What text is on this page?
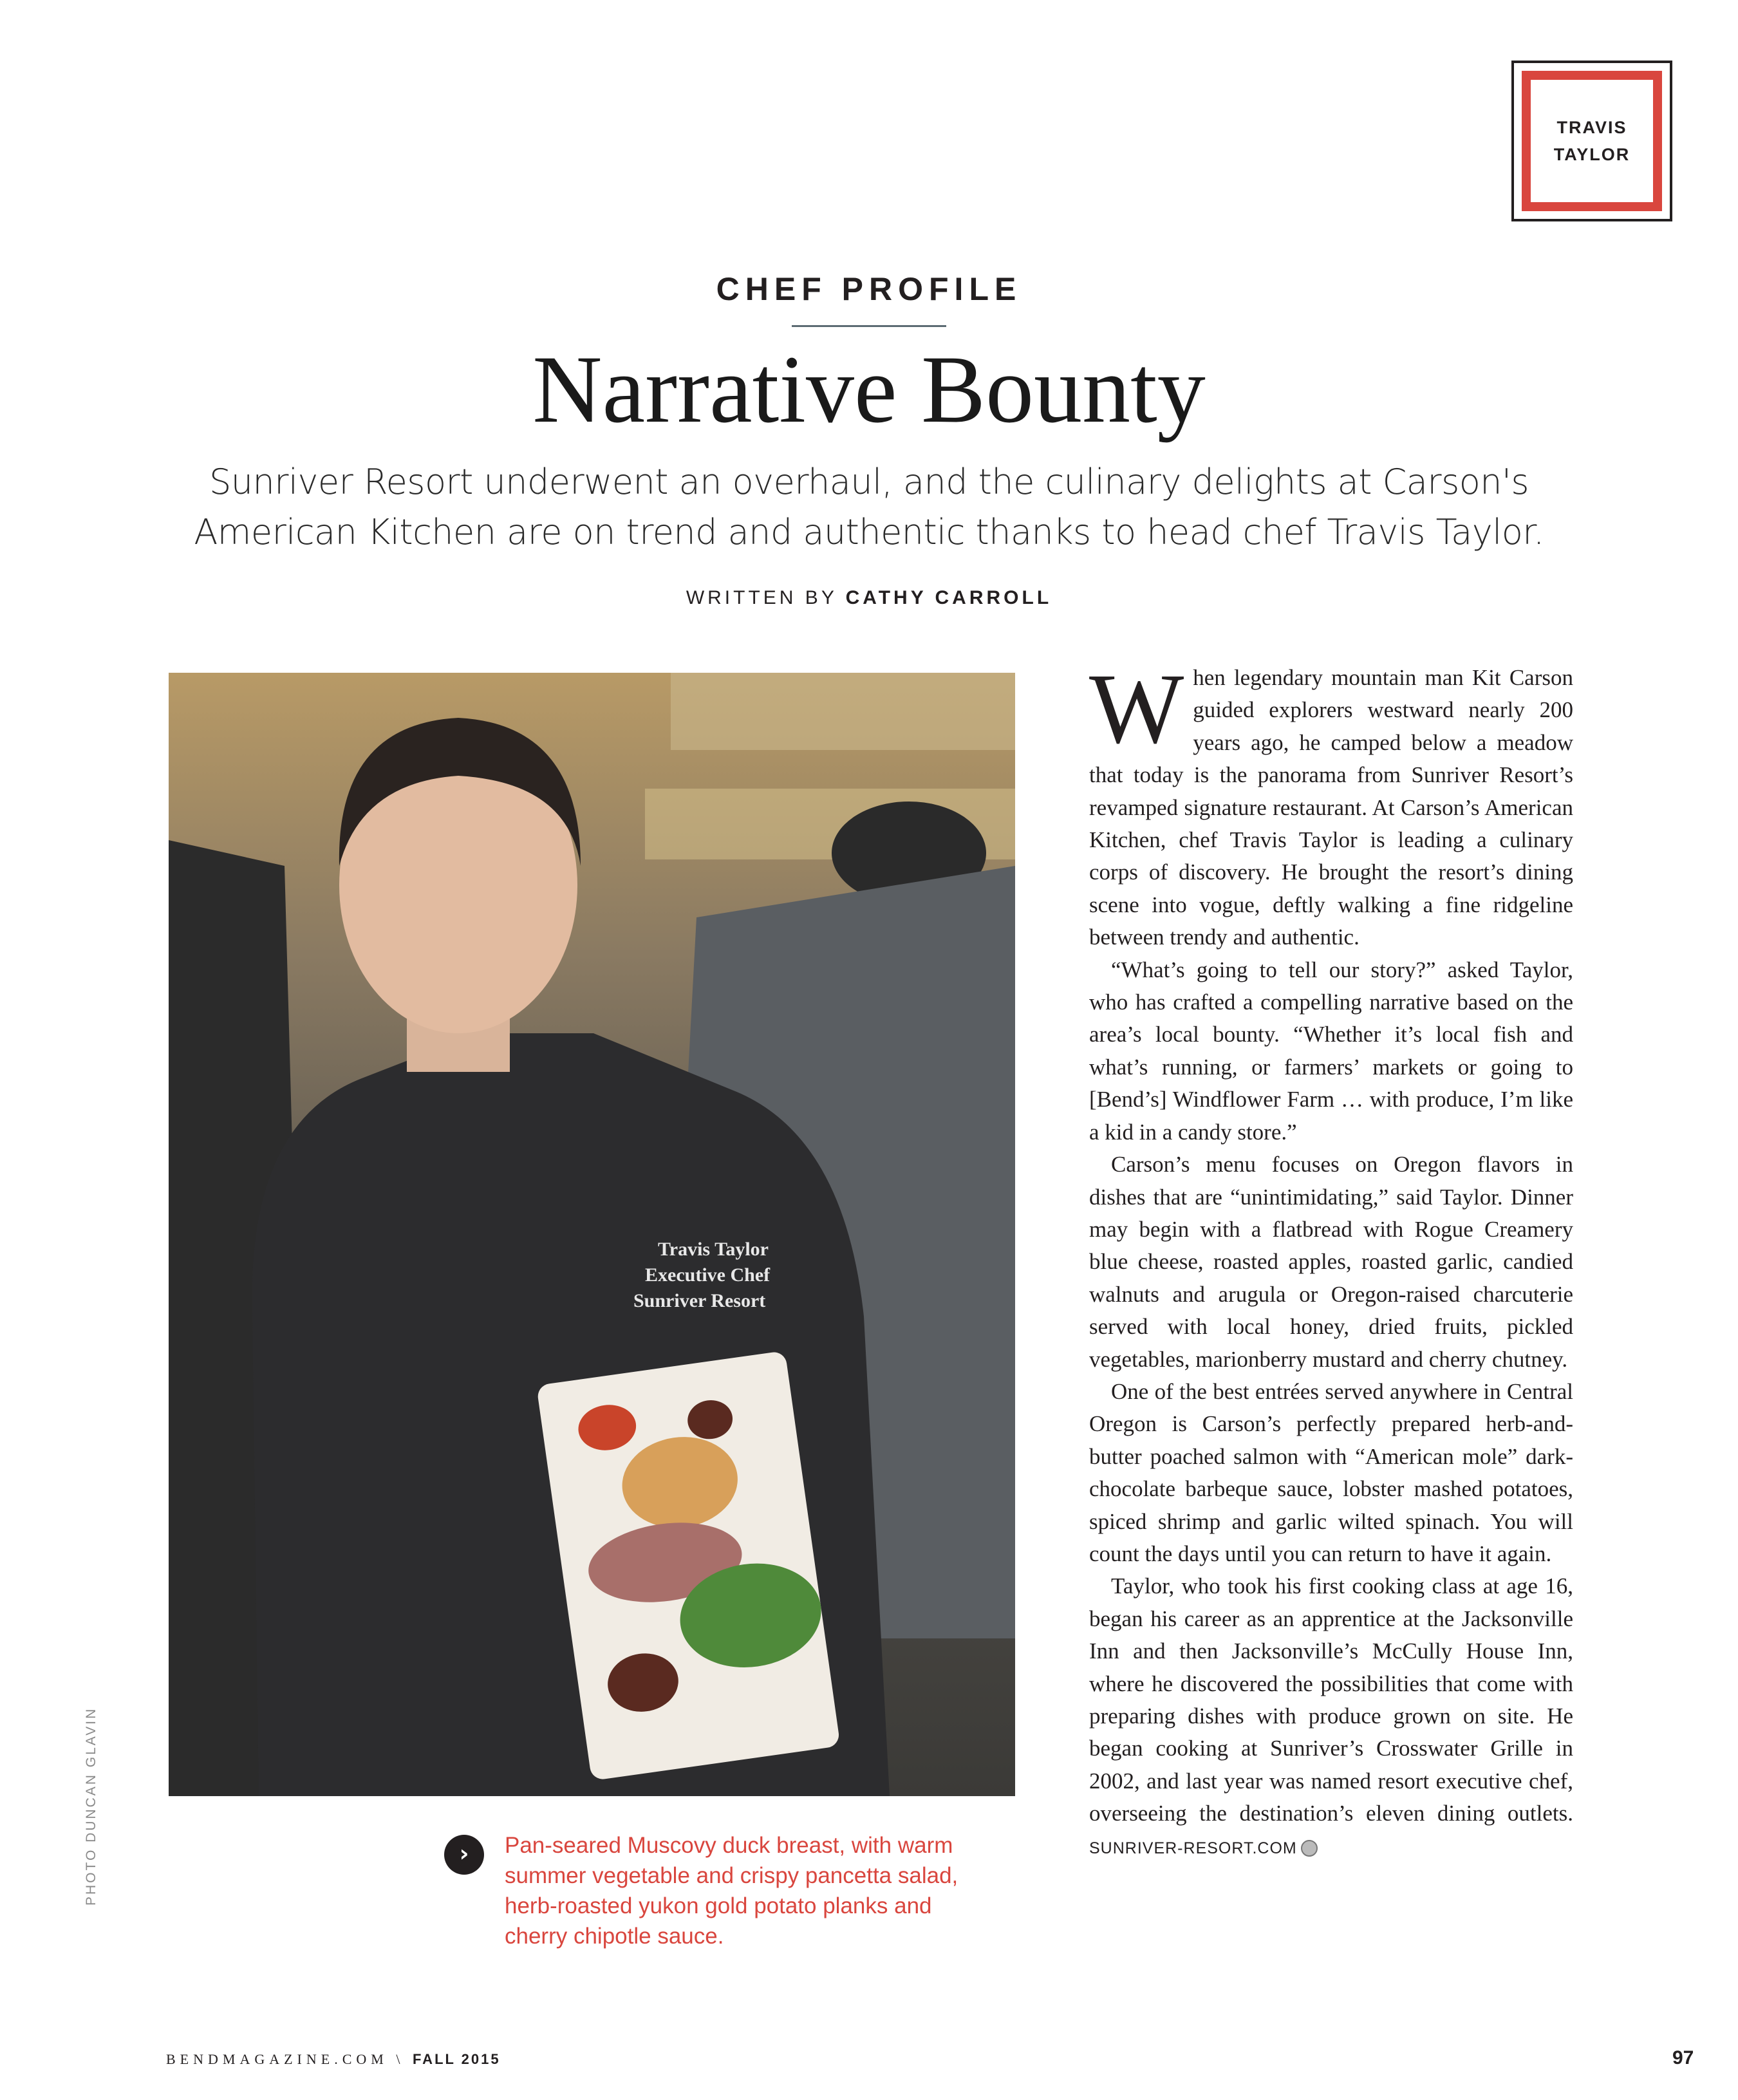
TRAVIS
TAYLOR
CHEF PROFILE
Narrative Bounty
Sunriver Resort underwent an overhaul, and the culinary delights at Carson's
American Kitchen are on trend and authentic thanks to head chef Travis Taylor.
WRITTEN BY CATHY CARROLL
Travis Taylor
Executive Chef
Sunriver Resort
PHOTO DUNCAN GLAVIN	›	Pan-seared Muscovy duck breast, with warm summer vegetable and crispy pancetta salad, herb-roasted yukon gold potato planks and cherry chipotle sauce.

When legendary mountain man Kit Carson guided explorers westward nearly 200 years ago, he camped below a meadow that today is the panorama from Sunriver Resort’s revamped signature restaurant. At Carson’s American Kitchen, chef Travis Taylor is leading a culinary corps of discovery. He brought the resort’s dining scene into vogue, deftly walking a fine ridgeline between trendy and authentic.

“What’s going to tell our story?” asked Taylor, who has crafted a compelling narrative based on the area’s local bounty. “Whether it’s local fish and what’s running, or farmers’ markets or going to [Bend’s] Windflower Farm … with produce, I’m like a kid in a candy store.”

Carson’s menu focuses on Oregon flavors in dishes that are “unintimidating,” said Taylor. Dinner may begin with a flatbread with Rogue Creamery blue cheese, roasted apples, roasted garlic, candied walnuts and arugula or Oregon-raised charcuterie served with local honey, dried fruits, pickled vegetables, marionberry mustard and cherry chutney.

One of the best entrées served anywhere in Central Oregon is Carson’s perfectly prepared herb-and-butter poached salmon with “American mole” dark-chocolate barbeque sauce, lobster mashed potatoes, spiced shrimp and garlic wilted spinach. You will count the days until you can return to have it again.

Taylor, who took his first cooking class at age 16, began his career as an apprentice at the Jacksonville Inn and then Jacksonville’s McCully House Inn, where he discovered the possibilities that come with preparing dishes with produce grown on site. He began cooking at Sunriver’s Crosswater Grille in 2002, and last year was named resort executive chef, overseeing the destination’s eleven dining outlets. SUNRIVER-RESORT.COM

BENDMAGAZINE.COM \ FALL 2015	97
